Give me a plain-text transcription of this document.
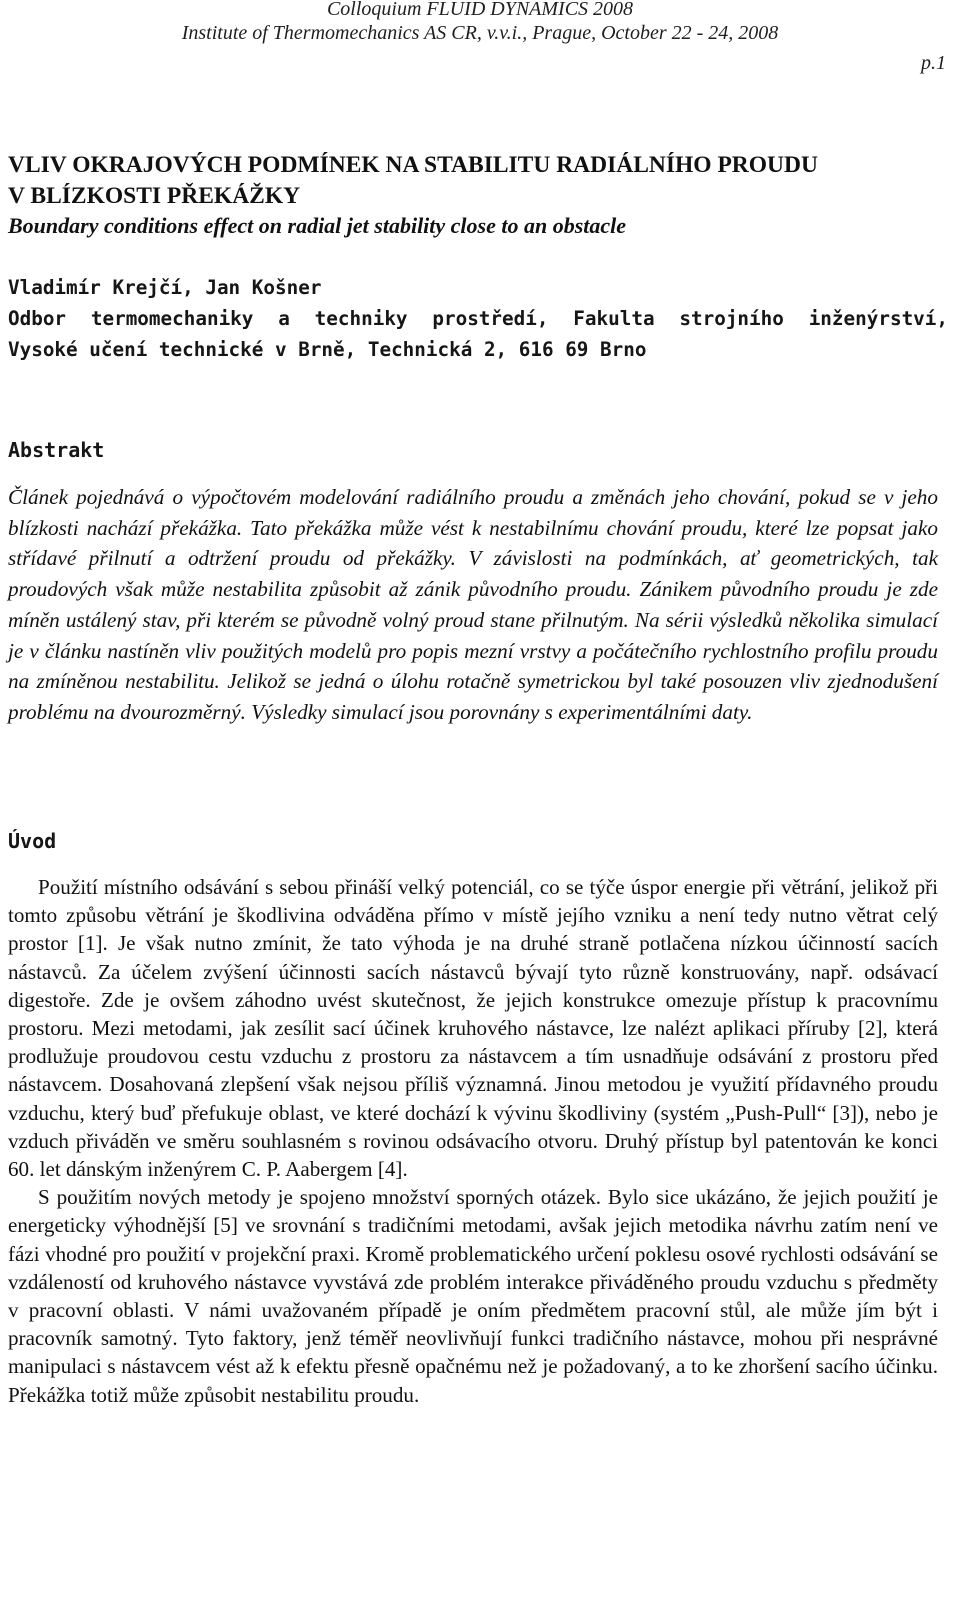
Colloquium FLUID DYNAMICS 2008
Institute of Thermomechanics AS CR, v.v.i., Prague, October 22 - 24, 2008
p.1
VLIV OKRAJOVÝCH PODMÍNEK NA STABILITU RADIÁLNÍHO PROUDU
V BLÍZKOSTI PŘEKÁŽKY
Boundary conditions effect on radial jet stability close to an obstacle
Vladimír Krejčí, Jan Košner
Odbor termomechaniky a techniky prostředí, Fakulta strojního inženýrství,
Vysoké učení technické v Brně, Technická 2, 616 69 Brno
Abstrakt
Článek pojednává o výpočtovém modelování radiálního proudu a změnách jeho chování, pokud se v jeho blízkosti nachází překážka. Tato překážka může vést k nestabilnímu chování proudu, které lze popsat jako střídavé přilnutí a odtržení proudu od překážky. V závislosti na podmínkách, ať geometrických, tak proudových však může nestabilita způsobit až zánik původního proudu. Zánikem původního proudu je zde míněn ustálený stav, při kterém se původně volný proud stane přilnutým. Na sérii výsledků několika simulací je v článku nastíněn vliv použitých modelů pro popis mezní vrstvy a počátečního rychlostního profilu proudu na zmíněnou nestabilitu. Jelikož se jedná o úlohu rotačně symetrickou byl také posouzen vliv zjednodušení problému na dvourozměrný. Výsledky simulací jsou porovnány s experimentálními daty.
Úvod

Použití místního odsávání s sebou přináší velký potenciál, co se týče úspor energie při větrání, jelikož při tomto způsobu větrání je škodlivina odváděna přímo v místě jejího vzniku a není tedy nutno větrat celý prostor [1]. Je však nutno zmínit, že tato výhoda je na druhé straně potlačena nízkou účinností sacích nástavců. Za účelem zvýšení účinnosti sacích nástavců bývají tyto různě konstruovány, např. odsávací digestoře. Zde je ovšem záhodno uvést skutečnost, že jejich konstrukce omezuje přístup k pracovnímu prostoru. Mezi metodami, jak zesílit sací účinek kruhového nástavce, lze nalézt aplikaci příruby [2], která prodlužuje proudovou cestu vzduchu z prostoru za nástavcem a tím usnadňuje odsávání z prostoru před nástavcem. Dosahovaná zlepšení však nejsou příliš významná. Jinou metodou je využití přídavného proudu vzduchu, který buď přefukuje oblast, ve které dochází k vývinu škodliviny (systém „Push-Pull“ [3]), nebo je vzduch přiváděn ve směru souhlasném s rovinou odsávacího otvoru. Druhý přístup byl patentován ke konci 60. let dánským inženýrem C. P. Aabergem [4].

S použitím nových metody je spojeno množství sporných otázek. Bylo sice ukázáno, že jejich použití je energeticky výhodnější [5] ve srovnání s tradičními metodami, avšak jejich metodika návrhu zatím není ve fázi vhodné pro použití v projekční praxi. Kromě problematického určení poklesu osové rychlosti odsávání se vzdáleností od kruhového nástavce vyvstává zde problém interakce přiváděného proudu vzduchu s předměty v pracovní oblasti. V námi uvažovaném případě je oním předmětem pracovní stůl, ale může jím být i pracovník samotný. Tyto faktory, jenž téměř neovlivňují funkci tradičního nástavce, mohou při nesprávné manipulaci s nástavcem vést až k efektu přesně opačnému než je požadovaný, a to ke zhoršení sacího účinku. Překážka totiž může způsobit nestabilitu proudu.
